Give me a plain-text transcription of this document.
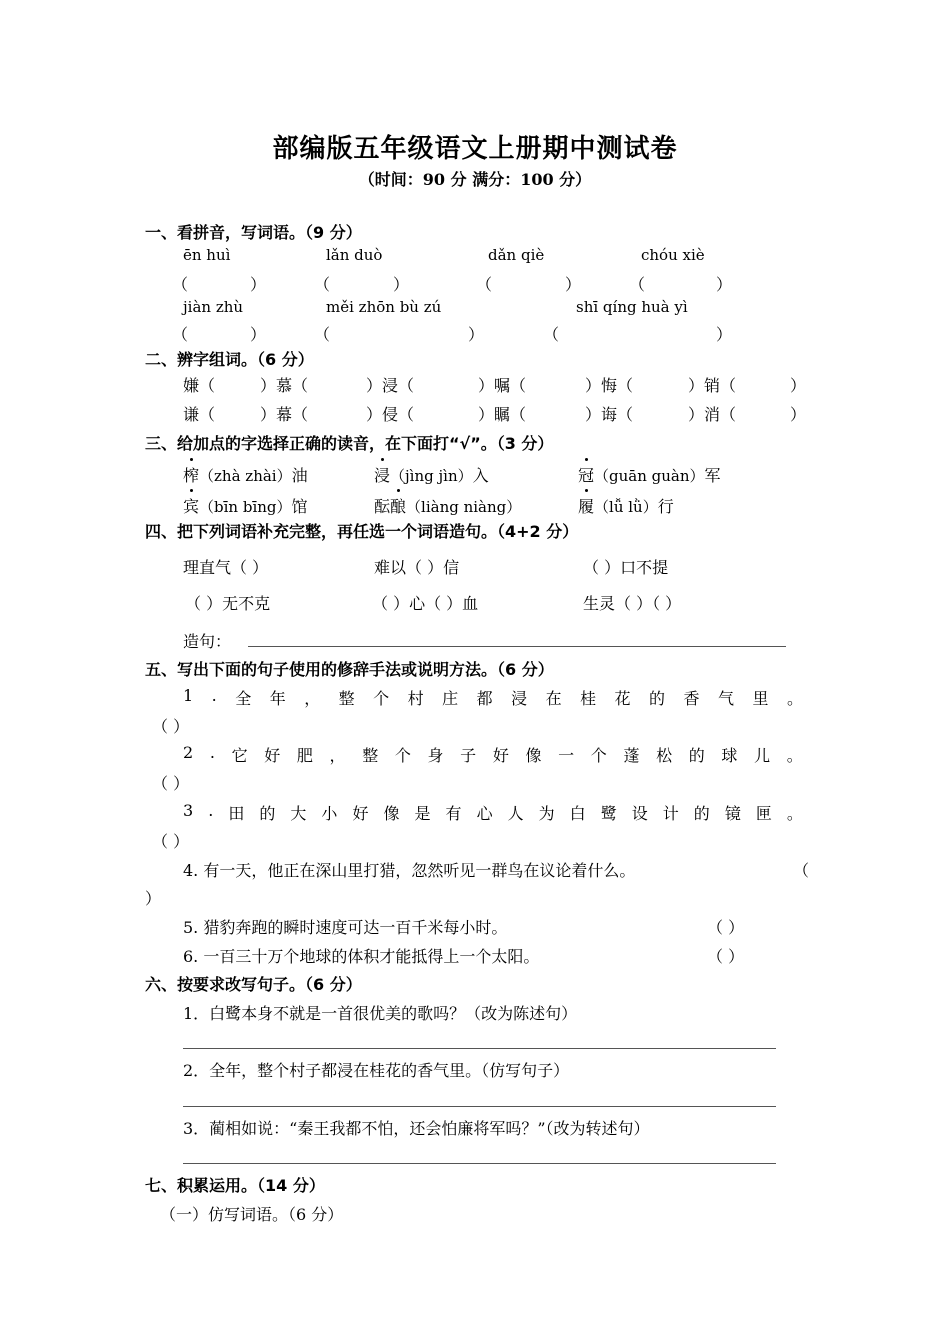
部编版五年级语文上册期中测试卷
（时间：90 分 满分：100 分）
一、看拼音，写词语。（9 分）
ēn huì	lǎn duò	dǎn qiè	chóu xiè
（	）	（	）	（	）	（	）
jiàn zhù	měi zhōn bù zú	shī qíng huà yì
（	）	（	）	（	）
二、辨字组词。（6 分）
嫌（	）慕（	）浸（	）嘱（	）悔（	）销（	）
谦（	）幕（	）侵（	）瞩（	）诲（	）消（	）
三、给加点的字选择正确的读音，在下面打“√”。（3 分）
榨（zhà zhài）油	浸（jìng jìn）入	冠（guān guàn）军
宾（bīn bīng）馆	酝酿（liàng niàng）	履（lǚ lǜ）行
四、把下列词语补充完整，再任选一个词语造句。（4+2 分）
理直气（ ）	难以（ ）信	（ ）口不提
（ ）无不克	（ ）心（ ）血	生灵（ ）（ ）
造句：
五、写出下面的句子使用的修辞手法或说明方法。（6 分）
1 . 全 年 ， 整 个 村 庄 都 浸 在 桂 花 的 香 气 里 。
（ ）
2 . 它 好 肥 ， 整 个 身 子 好 像 一 个 蓬 松 的 球 儿 。
（ ）
3 . 田 的 大 小 好 像 是 有 心 人 为 白 鹭 设 计 的 镜 匣 。
（ ）
4. 有一天，他正在深山里打猎，忽然听见一群鸟在议论着什么。	（
）
5. 猎豹奔跑的瞬时速度可达一百千米每小时。	（ ）
6. 一百三十万个地球的体积才能抵得上一个太阳。	（ ）
六、按要求改写句子。（6 分）
1．白鹭本身不就是一首很优美的歌吗？（改为陈述句）
2．全年，整个村子都浸在桂花的香气里。（仿写句子）
3．蔺相如说：“秦王我都不怕，还会怕廉将军吗？”（改为转述句）
七、积累运用。（14 分）
（一）仿写词语。（6 分）
